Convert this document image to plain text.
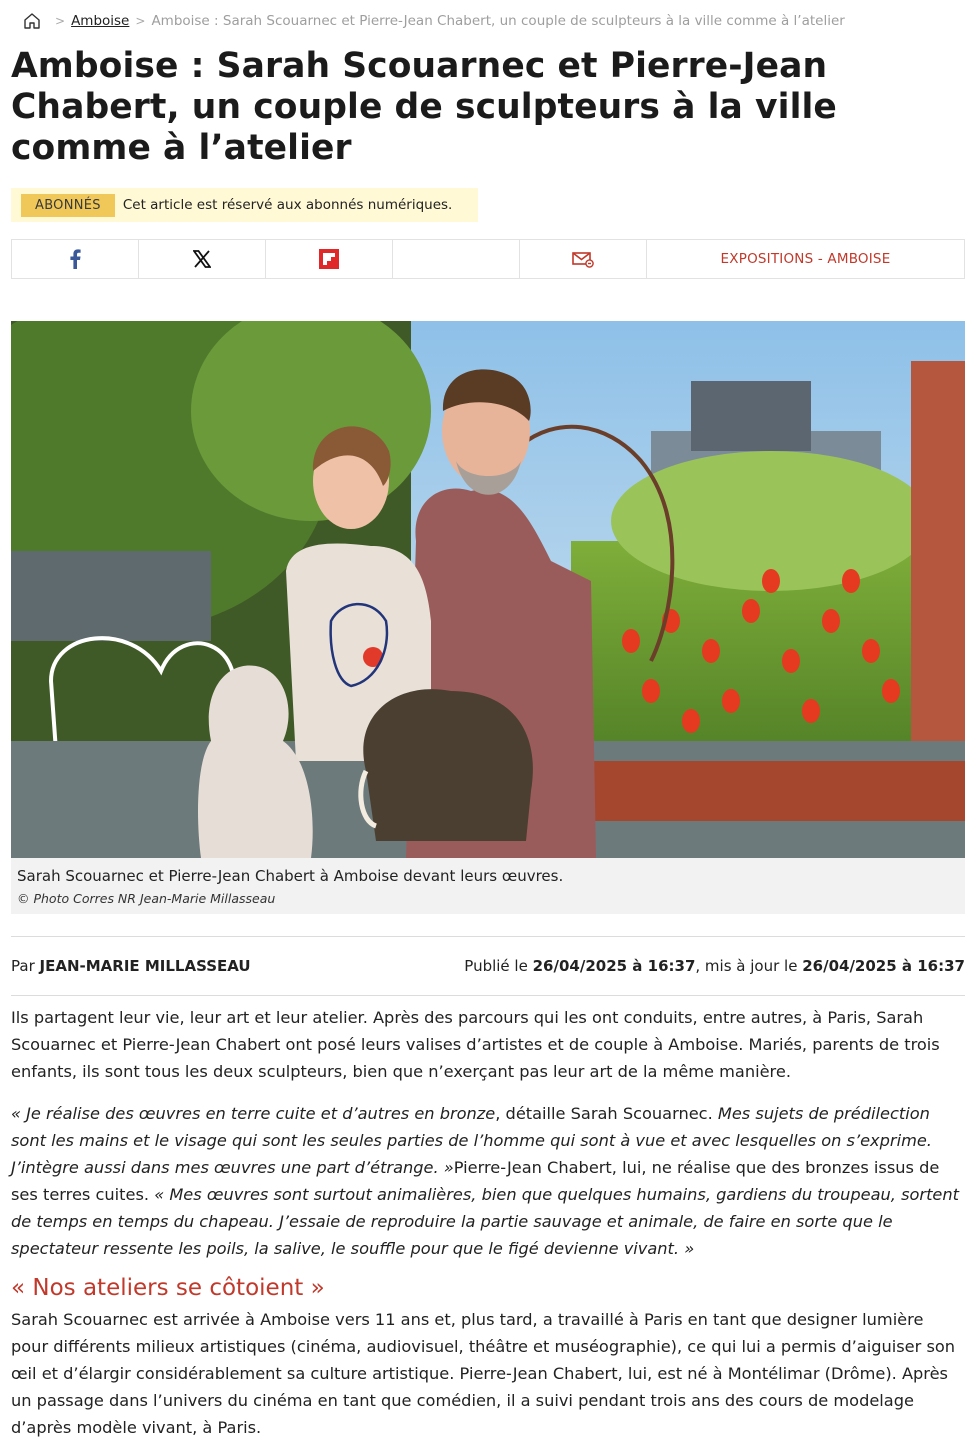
> Amboise > Amboise : Sarah Scouarnec et Pierre-Jean Chabert, un couple de sculpteurs à la ville comme à l’atelier
Amboise : Sarah Scouarnec et Pierre-Jean Chabert, un couple de sculpteurs à la ville comme à l’atelier
ABONNÉS	Cet article est réservé aux abonnés numériques.
EXPOSITIONS - AMBOISE
Sarah Scouarnec et Pierre-Jean Chabert à Amboise devant leurs œuvres.
© Photo Corres NR Jean-Marie Millasseau
Par JEAN-MARIE MILLASSEAU	Publié le 26/04/2025 à 16:37, mis à jour le 26/04/2025 à 16:37

Ils partagent leur vie, leur art et leur atelier. Après des parcours qui les ont conduits, entre autres, à Paris, Sarah Scouarnec et Pierre-Jean Chabert ont posé leurs valises d’artistes et de couple à Amboise. Mariés, parents de trois enfants, ils sont tous les deux sculpteurs, bien que n’exerçant pas leur art de la même manière.

« Je réalise des œuvres en terre cuite et d’autres en bronze, détaille Sarah Scouarnec. Mes sujets de prédilection sont les mains et le visage qui sont les seules parties de l’homme qui sont à vue et avec lesquelles on s’exprime. J’intègre aussi dans mes œuvres une part d’étrange. »Pierre-Jean Chabert, lui, ne réalise que des bronzes issus de ses terres cuites. « Mes œuvres sont surtout animalières, bien que quelques humains, gardiens du troupeau, sortent de temps en temps du chapeau. J’essaie de reproduire la partie sauvage et animale, de faire en sorte que le spectateur ressente les poils, la salive, le souffle pour que le figé devienne vivant. »

« Nos ateliers se côtoient »

Sarah Scouarnec est arrivée à Amboise vers 11 ans et, plus tard, a travaillé à Paris en tant que designer lumière pour différents milieux artistiques (cinéma, audiovisuel, théâtre et muséographie), ce qui lui a permis d’aiguiser son œil et d’élargir considérablement sa culture artistique. Pierre-Jean Chabert, lui, est né à Montélimar (Drôme). Après un passage dans l’univers du cinéma en tant que comédien, il a suivi pendant trois ans des cours de modelage d’après modèle vivant, à Paris.
